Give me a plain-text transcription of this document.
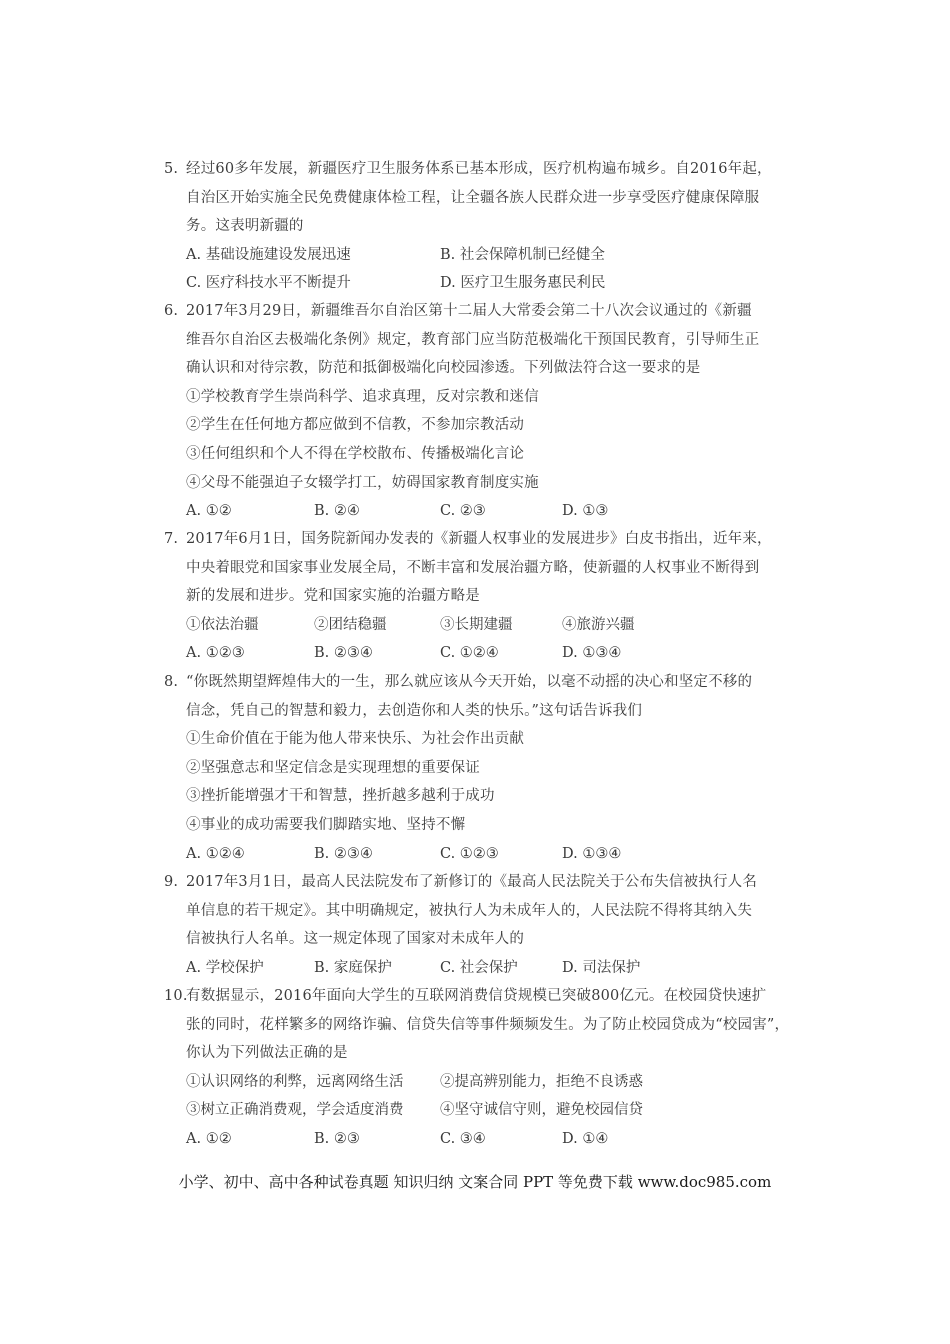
5. 经过60多年发展，新疆医疗卫生服务体系已基本形成，医疗机构遍布城乡。自2016年起，
自治区开始实施全民免费健康体检工程，让全疆各族人民群众进一步享受医疗健康保障服
务。这表明新疆的
A. 基础设施建设发展迅速	B. 社会保障机制已经健全
C. 医疗科技水平不断提升	D. 医疗卫生服务惠民利民
6. 2017年3月29日，新疆维吾尔自治区第十二届人大常委会第二十八次会议通过的《新疆
维吾尔自治区去极端化条例》规定，教育部门应当防范极端化干预国民教育，引导师生正
确认识和对待宗教，防范和抵御极端化向校园渗透。下列做法符合这一要求的是
①学校教育学生崇尚科学、追求真理，反对宗教和迷信
②学生在任何地方都应做到不信教，不参加宗教活动
③任何组织和个人不得在学校散布、传播极端化言论
④父母不能强迫子女辍学打工，妨碍国家教育制度实施
A. ①②	B. ②④	C. ②③	D. ①③
7. 2017年6月1日，国务院新闻办发表的《新疆人权事业的发展进步》白皮书指出，近年来，
中央着眼党和国家事业发展全局，不断丰富和发展治疆方略，使新疆的人权事业不断得到
新的发展和进步。党和国家实施的治疆方略是
①依法治疆	②团结稳疆	③长期建疆	④旅游兴疆
A. ①②③	B. ②③④	C. ①②④	D. ①③④
8. “你既然期望辉煌伟大的一生，那么就应该从今天开始，以毫不动摇的决心和坚定不移的
信念，凭自己的智慧和毅力，去创造你和人类的快乐。”这句话告诉我们
①生命价值在于能为他人带来快乐、为社会作出贡献
②坚强意志和坚定信念是实现理想的重要保证
③挫折能增强才干和智慧，挫折越多越利于成功
④事业的成功需要我们脚踏实地、坚持不懈
A. ①②④	B. ②③④	C. ①②③	D. ①③④
9. 2017年3月1日，最高人民法院发布了新修订的《最高人民法院关于公布失信被执行人名
单信息的若干规定》。其中明确规定，被执行人为未成年人的，人民法院不得将其纳入失
信被执行人名单。这一规定体现了国家对未成年人的
A. 学校保护	B. 家庭保护	C. 社会保护	D. 司法保护
10.有数据显示，2016年面向大学生的互联网消费信贷规模已突破800亿元。在校园贷快速扩
张的同时，花样繁多的网络诈骗、信贷失信等事件频频发生。为了防止校园贷成为“校园害”，
你认为下列做法正确的是
①认识网络的利弊，远离网络生活	②提高辨别能力，拒绝不良诱惑
③树立正确消费观，学会适度消费	④坚守诚信守则，避免校园信贷
A. ①②	B. ②③	C. ③④	D. ①④
小学、初中、高中各种试卷真题 知识归纳 文案合同 PPT 等免费下载 www.doc985.com
